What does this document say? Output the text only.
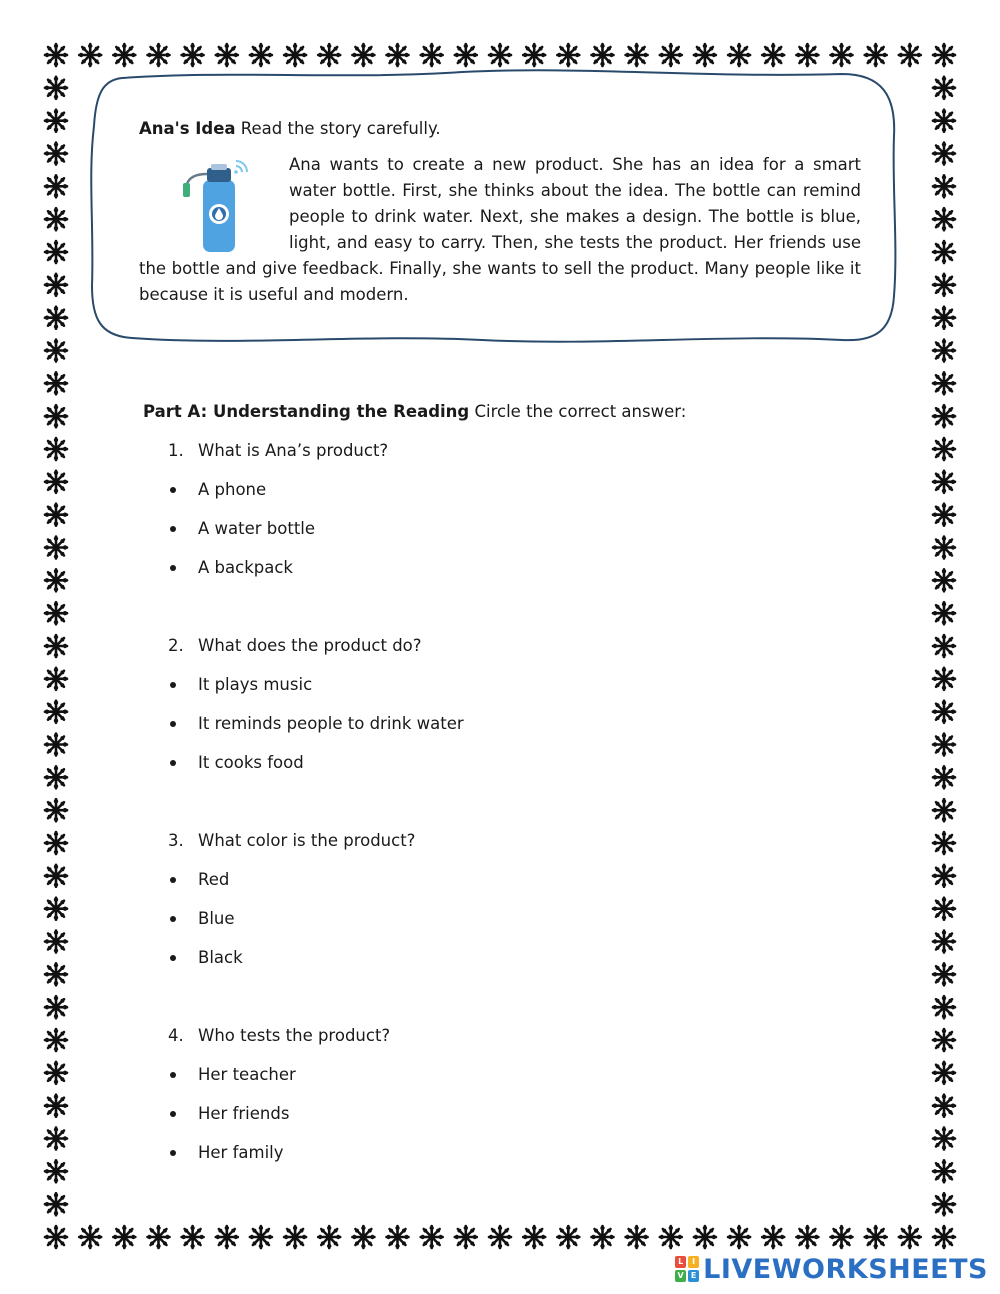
Ana's Idea Read the story carefully.

Ana wants to create a new product. She has an idea for a smart water bottle. First, she thinks about the idea. The bottle can remind people to drink water. Next, she makes a design. The bottle is blue, light, and easy to carry. Then, she tests the product. Her friends use the bottle and give feedback. Finally, she wants to sell the product. Many people like it because it is useful and modern.

Part A: Understanding the Reading Circle the correct answer:

1. What is Ana’s product?
A phone
A water bottle
A backpack
2. What does the product do?
It plays music
It reminds people to drink water
It cooks food
3. What color is the product?
Red
Blue
Black
4. Who tests the product?
Her teacher
Her friends
Her family
L	I
V E LIVEWORKSHEETS
